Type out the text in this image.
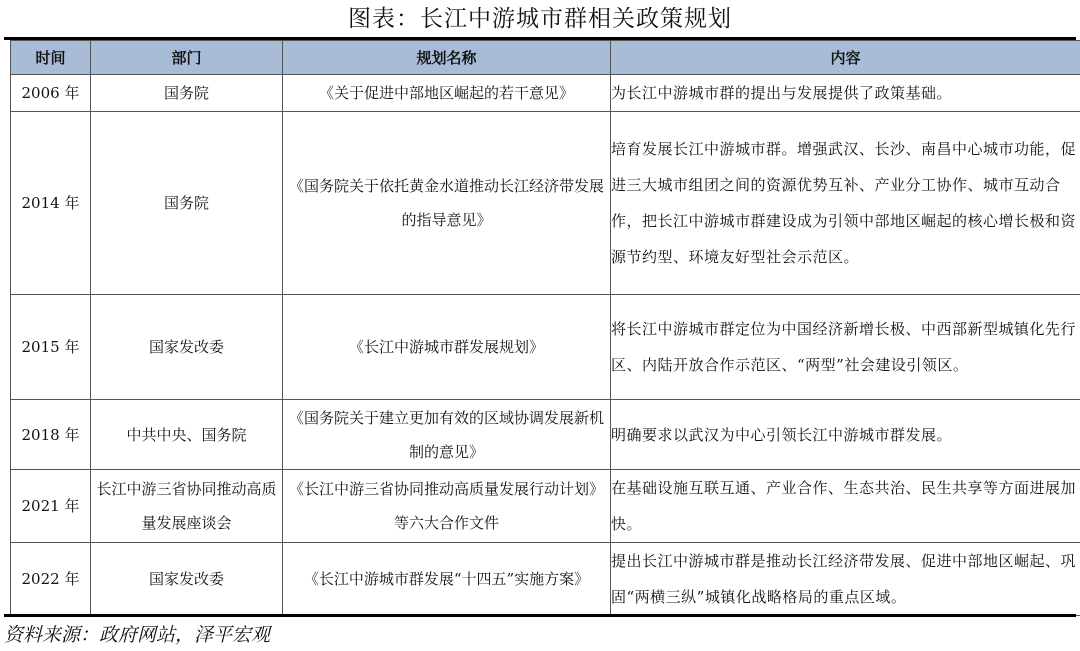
图表：长江中游城市群相关政策规划
时间	部门	规划名称	内容
2006 年	国务院	《关于促进中部地区崛起的若干意见》	为长江中游城市群的提出与发展提供了政策基础。
2014 年	国务院	《国务院关于依托黄金水道推动长江经济带发展的指导意见》	培育发展长江中游城市群。增强武汉、长沙、南昌中心城市功能，促进三大城市组团之间的资源优势互补、产业分工协作、城市互动合作，把长江中游城市群建设成为引领中部地区崛起的核心增长极和资源节约型、环境友好型社会示范区。
2015 年	国家发改委	《长江中游城市群发展规划》	将长江中游城市群定位为中国经济新增长极、中西部新型城镇化先行区、内陆开放合作示范区、“两型”社会建设引领区。
2018 年	中共中央、国务院	《国务院关于建立更加有效的区域协调发展新机制的意见》	明确要求以武汉为中心引领长江中游城市群发展。
2021 年	长江中游三省协同推动高质量发展座谈会	《长江中游三省协同推动高质量发展行动计划》等六大合作文件	在基础设施互联互通、产业合作、生态共治、民生共享等方面进展加快。
2022 年	国家发改委	《长江中游城市群发展“十四五”实施方案》	提出长江中游城市群是推动长江经济带发展、促进中部地区崛起、巩固“两横三纵”城镇化战略格局的重点区域。
资料来源：政府网站，泽平宏观
